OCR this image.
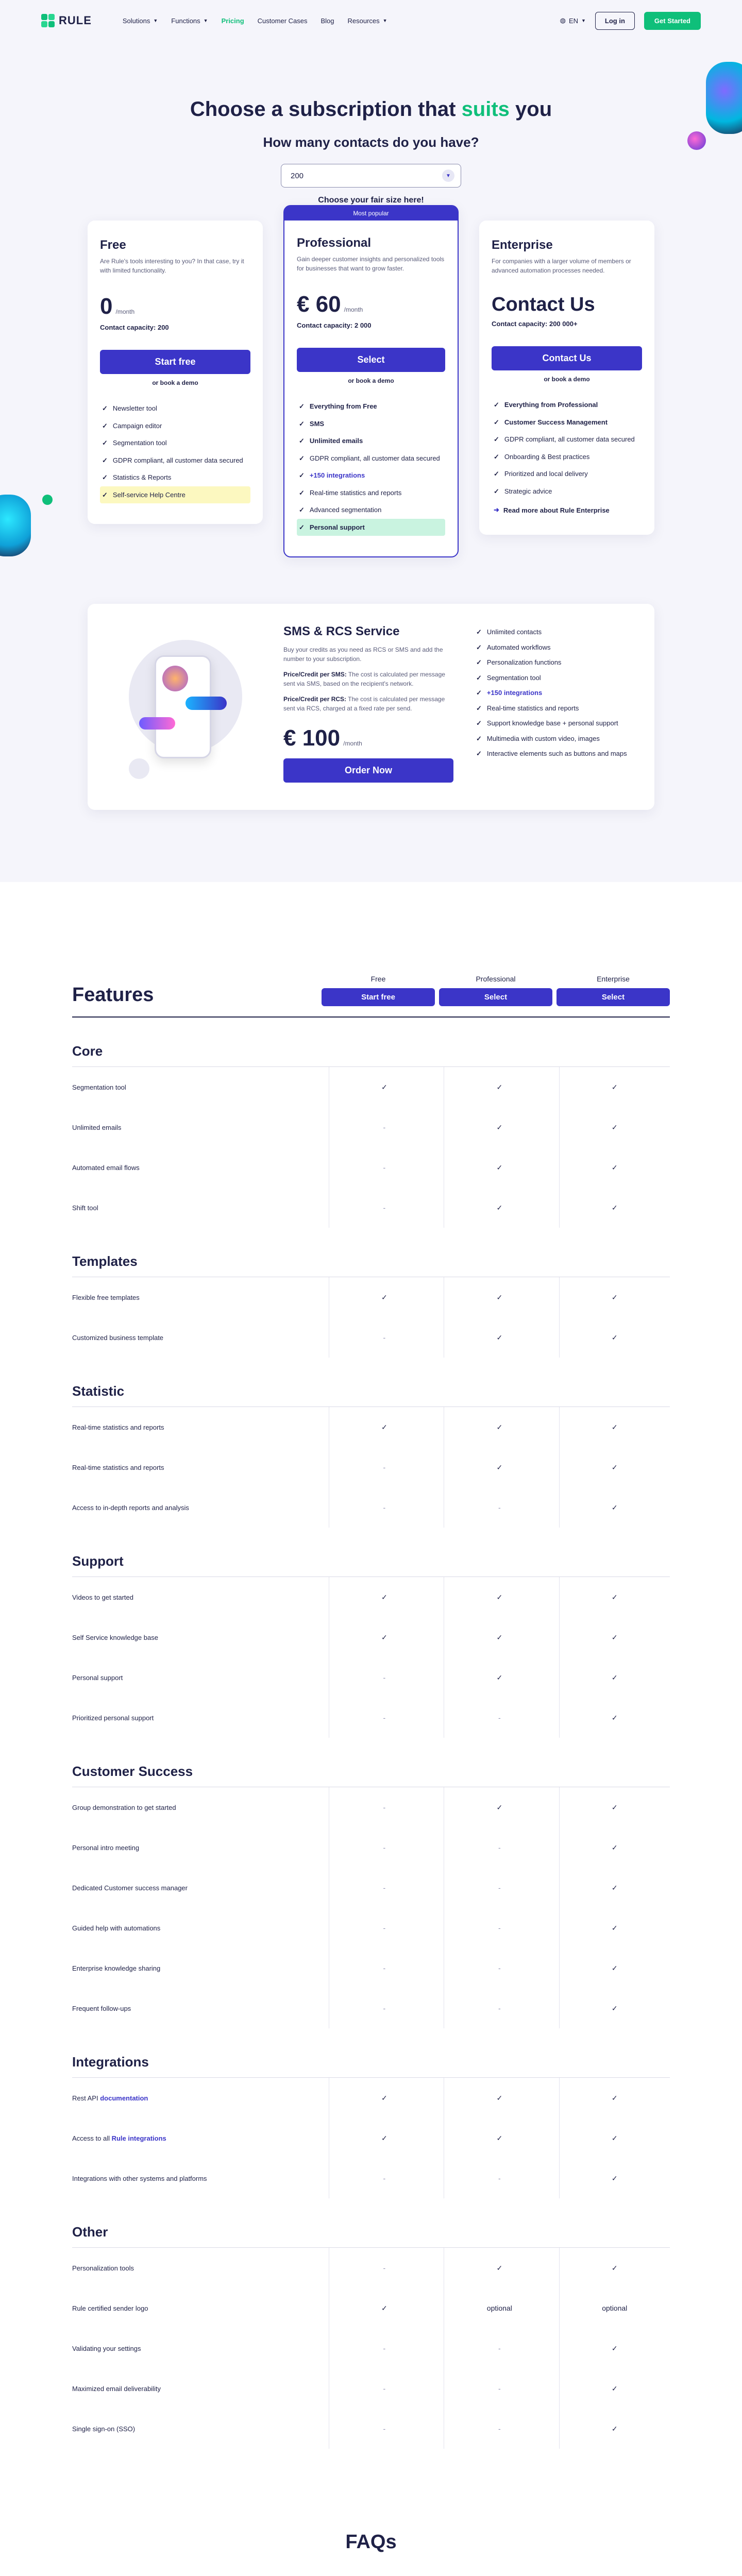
RULE	Solutions ▼ Functions ▼ Pricing Customer Cases Blog Resources ▼	◍ EN ▼	Log in	Get Started
Choose a subscription that suits you
How many contacts do you have?
200	▼
Choose your fair size here!
Free

Are Rule's tools interesting to you? In that case, try it with limited functionality.

0 /month
Contact capacity: 200
Start free
or book a demo
✓ Newsletter tool
✓ Campaign editor
✓ Segmentation tool
✓ GDPR compliant, all customer data secured
✓ Statistics & Reports
✓ Self-service Help Centre
Most popular
Professional

Gain deeper customer insights and personalized tools for businesses that want to grow faster.

€ 60 /month
Contact capacity: 2 000
Select
or book a demo
✓ Everything from Free
✓ SMS
✓ Unlimited emails
✓ GDPR compliant, all customer data secured
✓ +150 integrations
✓ Real-time statistics and reports
✓ Advanced segmentation
✓ Personal support
Enterprise

For companies with a larger volume of members or advanced automation processes needed.

Contact Us
Contact capacity: 200 000+
Contact Us
or book a demo
✓ Everything from Professional
✓ Customer Success Management
✓ GDPR compliant, all customer data secured
✓ Onboarding & Best practices
✓ Prioritized and local delivery
✓ Strategic advice
➜ Read more about Rule Enterprise
SMS & RCS Service

Buy your credits as you need as RCS or SMS and add the number to your subscription.

Price/Credit per SMS: The cost is calculated per message sent via SMS, based on the recipient's network.

Price/Credit per RCS: The cost is calculated per message sent via RCS, charged at a fixed rate per send.

€ 100 /month
Order Now
✓ Unlimited contacts
✓ Automated workflows
✓ Personalization functions
✓ Segmentation tool
✓ +150 integrations
✓ Real-time statistics and reports
✓ Support knowledge base + personal support
✓ Multimedia with custom video, images
✓ Interactive elements such as buttons and maps
Features
Free
Start free
Professional
Select
Enterprise
Select
Core
Segmentation tool	✓	✓	✓
Unlimited emails	-	✓	✓
Automated email flows	-	✓	✓
Shift tool	-	✓	✓
Templates
Flexible free templates	✓	✓	✓
Customized business template	-	✓	✓
Statistic
Real-time statistics and reports	✓	✓	✓
Real-time statistics and reports	-	✓	✓
Access to in-depth reports and analysis	-	-	✓
Support
Videos to get started	✓	✓	✓
Self Service knowledge base	✓	✓	✓
Personal support	-	✓	✓
Prioritized personal support	-	-	✓
Customer Success
Group demonstration to get started	-	✓	✓
Personal intro meeting	-	-	✓
Dedicated Customer success manager	-	-	✓
Guided help with automations	-	-	✓
Enterprise knowledge sharing	-	-	✓
Frequent follow-ups	-	-	✓
Integrations
Rest API documentation	✓	✓	✓
Access to all Rule integrations	✓	✓	✓
Integrations with other systems and platforms	-	-	✓
Other
Personalization tools	-	✓	✓
Rule certified sender logo	✓	optional	optional
Validating your settings	-	-	✓
Maximized email deliverability	-	-	✓
Single sign-on (SSO)	-	-	✓
FAQs
